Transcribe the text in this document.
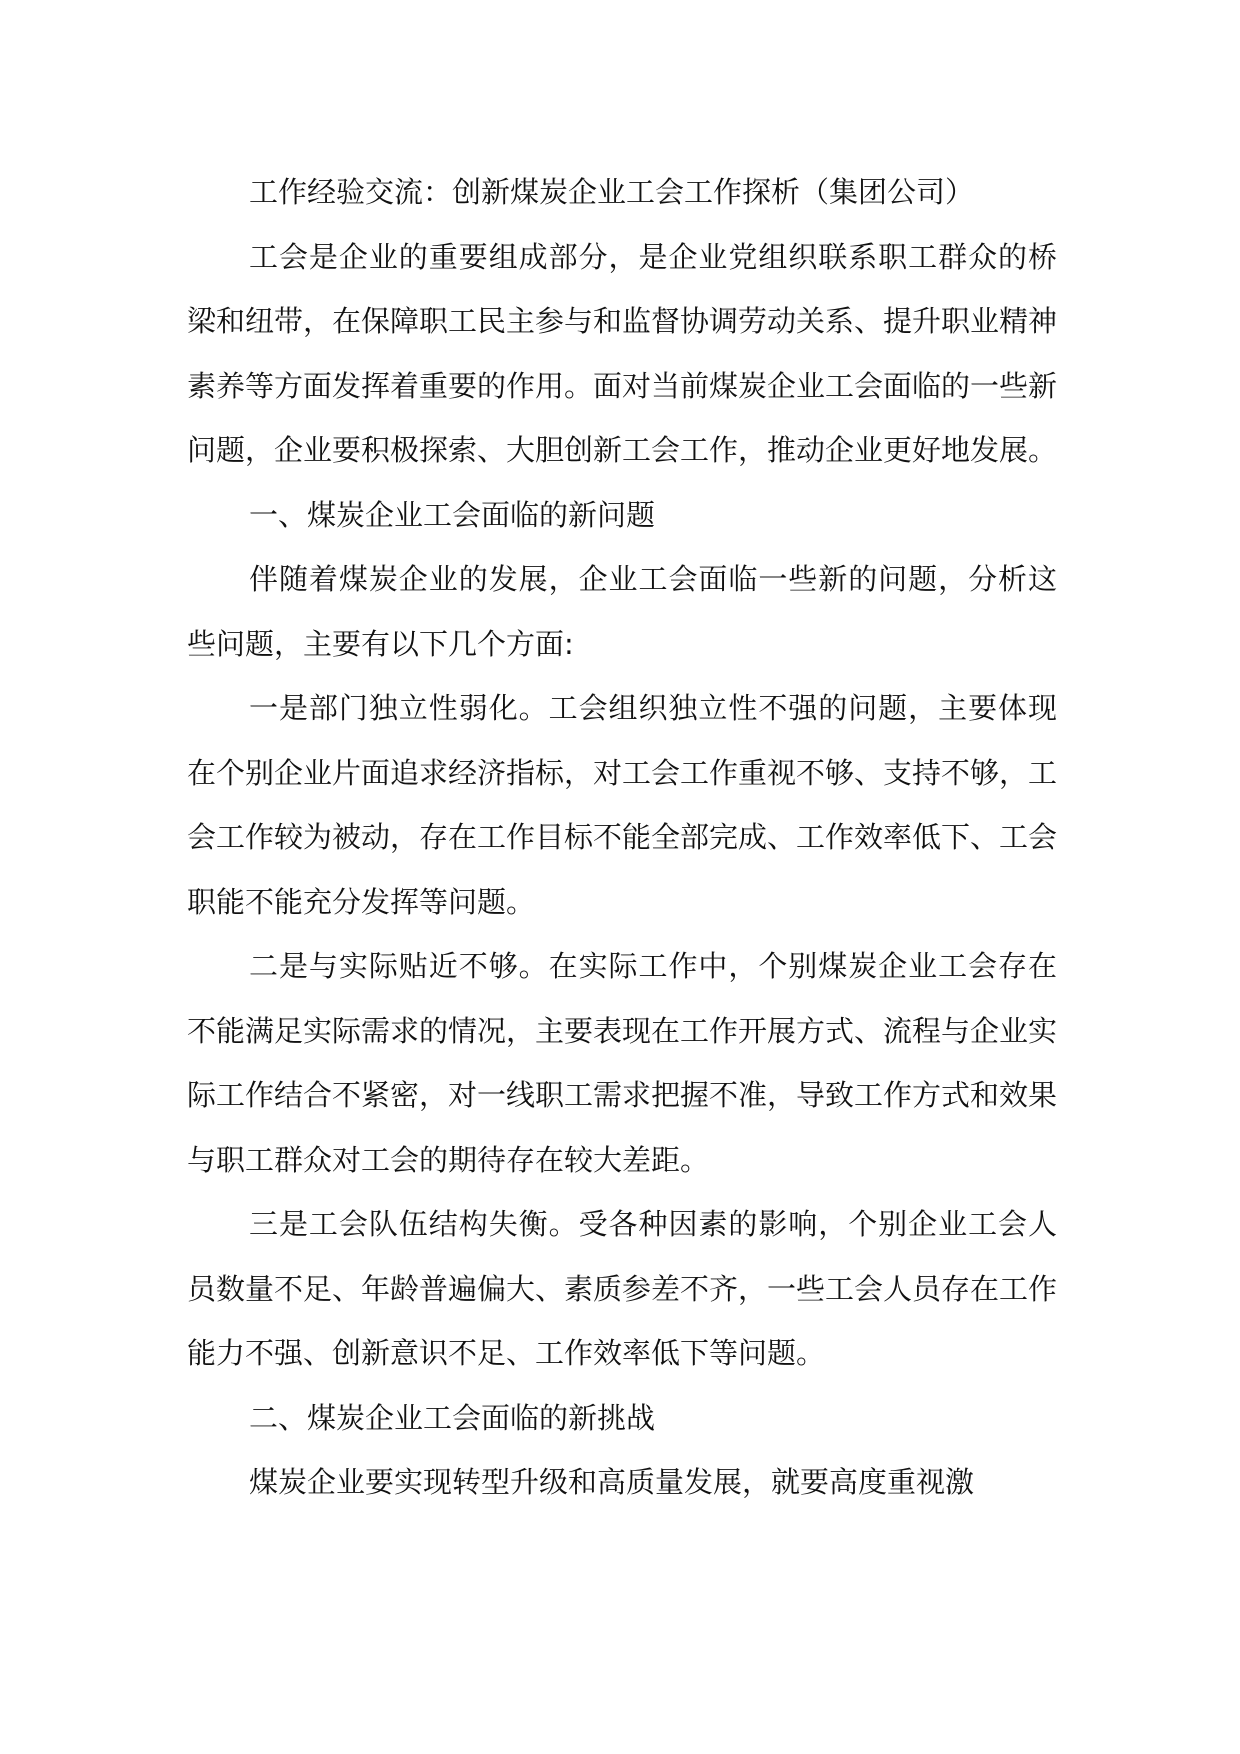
工作经验交流：创新煤炭企业工会工作探析（集团公司）

工会是企业的重要组成部分，是企业党组织联系职工群众的桥梁和纽带，在保障职工民主参与和监督协调劳动关系、提升职业精神素养等方面发挥着重要的作用。面对当前煤炭企业工会面临的一些新问题，企业要积极探索、大胆创新工会工作，推动企业更好地发展。

一、煤炭企业工会面临的新问题

伴随着煤炭企业的发展，企业工会面临一些新的问题，分析这些问题，主要有以下几个方面:

一是部门独立性弱化。工会组织独立性不强的问题，主要体现在个别企业片面追求经济指标，对工会工作重视不够、支持不够，工会工作较为被动，存在工作目标不能全部完成、工作效率低下、工会职能不能充分发挥等问题。

二是与实际贴近不够。在实际工作中，个别煤炭企业工会存在不能满足实际需求的情况，主要表现在工作开展方式、流程与企业实际工作结合不紧密，对一线职工需求把握不准，导致工作方式和效果与职工群众对工会的期待存在较大差距。

三是工会队伍结构失衡。受各种因素的影响，个别企业工会人员数量不足、年龄普遍偏大、素质参差不齐，一些工会人员存在工作能力不强、创新意识不足、工作效率低下等问题。

二、煤炭企业工会面临的新挑战

煤炭企业要实现转型升级和高质量发展，就要高度重视激
